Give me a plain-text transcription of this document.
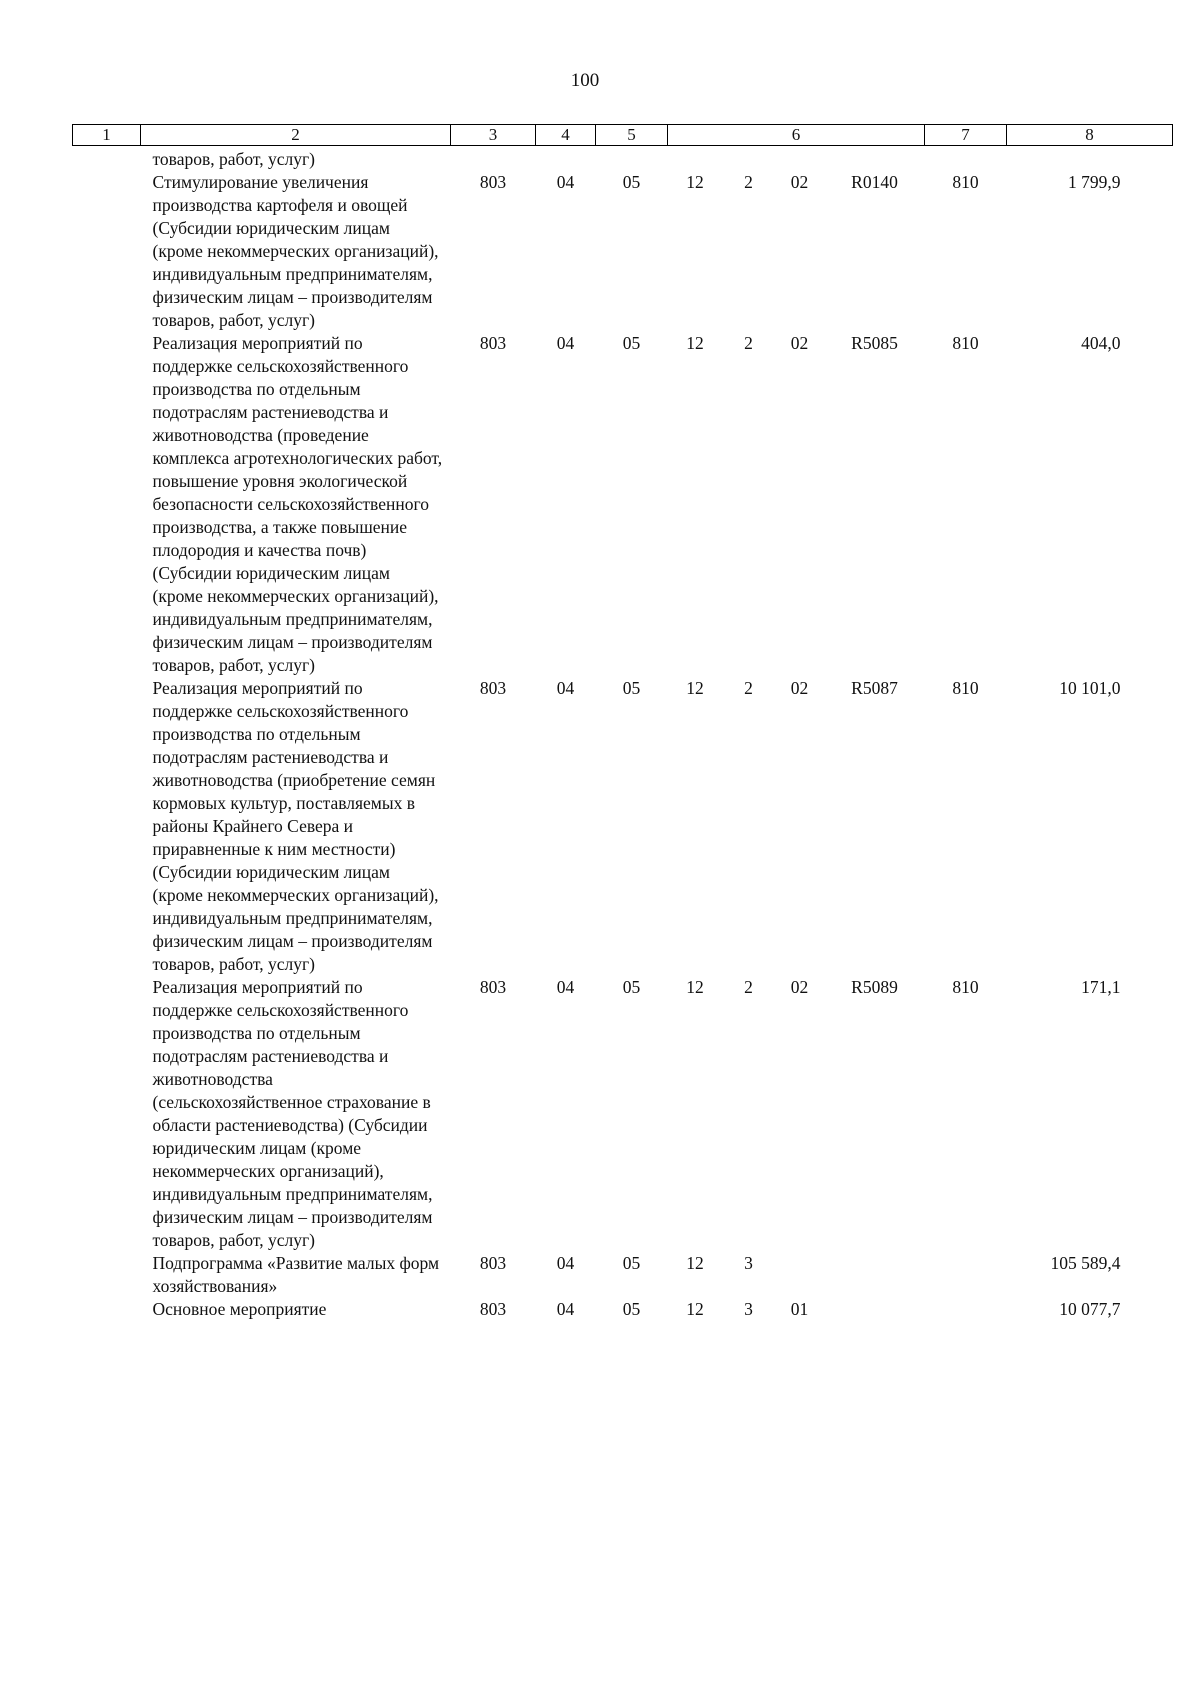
100
1	2	3	4	5	6				7	8
	товаров, работ, услуг)									
	Стимулирование увеличения производства картофеля и овощей (Субсидии юридическим лицам (кроме некоммерческих организаций), индивидуальным предпринимателям, физическим лицам – производителям товаров, работ, услуг)	803	04	05	12	2	02	R0140	810	1 799,9
	Реализация мероприятий по поддержке сельскохозяйственного производства по отдельным подотраслям растениеводства и животноводства (проведение комплекса агротехнологических работ, повышение уровня экологической безопасности сельскохозяйственного производства, а также повышение плодородия и качества почв) (Субсидии юридическим лицам (кроме некоммерческих организаций), индивидуальным предпринимателям, физическим лицам – производителям товаров, работ, услуг)	803	04	05	12	2	02	R5085	810	404,0
	Реализация мероприятий по поддержке сельскохозяйственного производства по отдельным подотраслям растениеводства и животноводства (приобретение семян кормовых культур, поставляемых в районы Крайнего Севера и приравненные к ним местности) (Субсидии юридическим лицам (кроме некоммерческих организаций), индивидуальным предпринимателям, физическим лицам – производителям товаров, работ, услуг)	803	04	05	12	2	02	R5087	810	10 101,0
	Реализация мероприятий по поддержке сельскохозяйственного производства по отдельным подотраслям растениеводства и животноводства (сельскохозяйственное страхование в области растениеводства) (Субсидии юридическим лицам (кроме некоммерческих организаций), индивидуальным предпринимателям, физическим лицам – производителям товаров, работ, услуг)	803	04	05	12	2	02	R5089	810	171,1
	Подпрограмма «Развитие малых форм хозяйствования»	803	04	05	12	3				105 589,4
	Основное мероприятие	803	04	05	12	3	01			10 077,7
